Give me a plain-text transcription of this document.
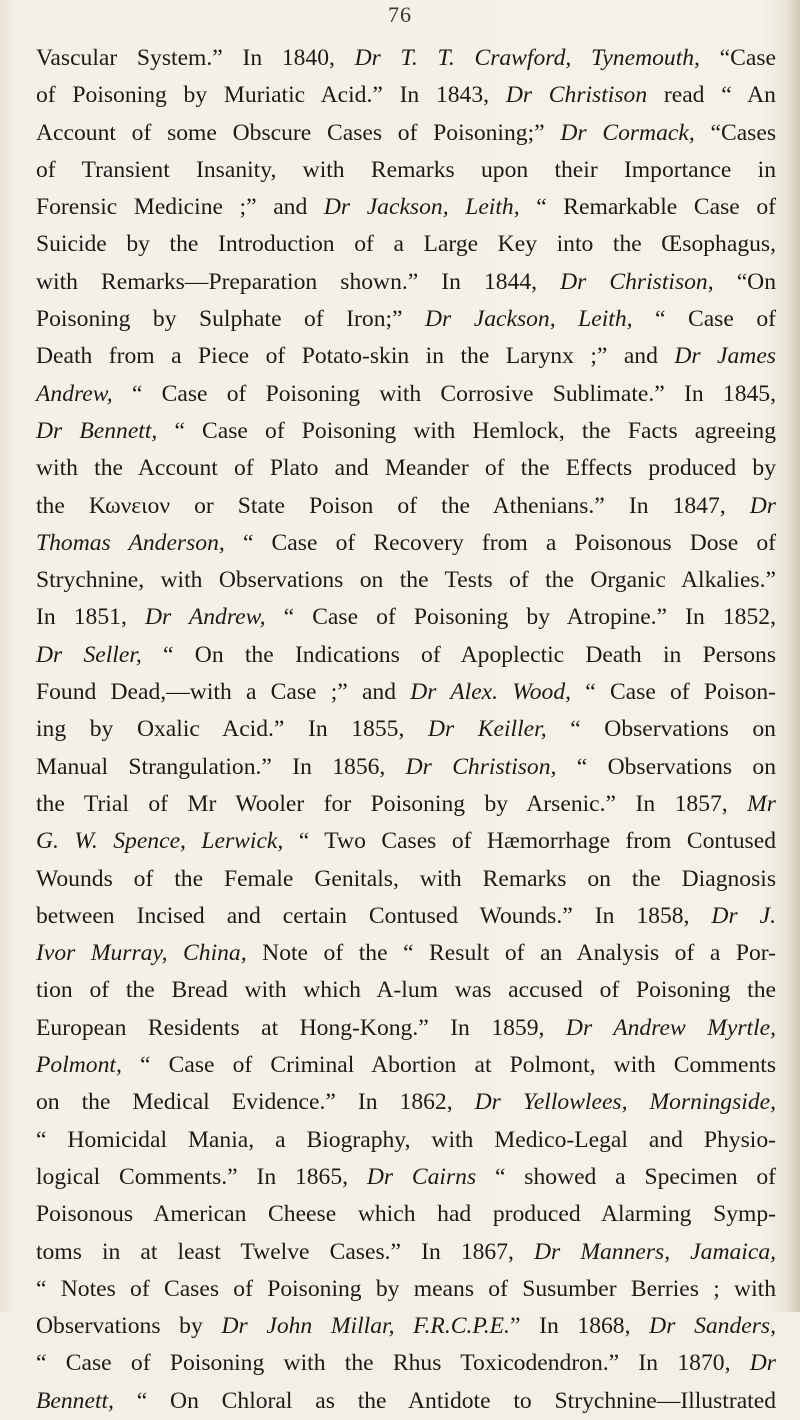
76
Vascular System.” In 1840, Dr T. T. Crawford, Tynemouth, “Case
of Poisoning by Muriatic Acid.” In 1843, Dr Christison read “ An
Account of some Obscure Cases of Poisoning;” Dr Cormack, “Cases
of Transient Insanity, with Remarks upon their Importance in
Forensic Medicine ;” and Dr Jackson, Leith, “ Remarkable Case of
Suicide by the Introduction of a Large Key into the Œsophagus,
with Remarks—Preparation shown.” In 1844, Dr Christison, “On
Poisoning by Sulphate of Iron;” Dr Jackson, Leith, “ Case of
Death from a Piece of Potato-skin in the Larynx ;” and Dr James
Andrew, “ Case of Poisoning with Corrosive Sublimate.” In 1845,
Dr Bennett, “ Case of Poisoning with Hemlock, the Facts agreeing
with the Account of Plato and Meander of the Effects produced by
the Κωνειον or State Poison of the Athenians.” In 1847, Dr
Thomas Anderson, “ Case of Recovery from a Poisonous Dose of
Strychnine, with Observations on the Tests of the Organic Alkalies.”
In 1851, Dr Andrew, “ Case of Poisoning by Atropine.” In 1852,
Dr Seller, “ On the Indications of Apoplectic Death in Persons
Found Dead,—with a Case ;” and Dr Alex. Wood, “ Case of Poison-
ing by Oxalic Acid.” In 1855, Dr Keiller, “ Observations on
Manual Strangulation.” In 1856, Dr Christison, “ Observations on
the Trial of Mr Wooler for Poisoning by Arsenic.” In 1857, Mr
G. W. Spence, Lerwick, “ Two Cases of Hæmorrhage from Contused
Wounds of the Female Genitals, with Remarks on the Diagnosis
between Incised and certain Contused Wounds.” In 1858, Dr J.
Ivor Murray, China, Note of the “ Result of an Analysis of a Por-
tion of the Bread with which A-lum was accused of Poisoning the
European Residents at Hong-Kong.” In 1859, Dr Andrew Myrtle,
Polmont, “ Case of Criminal Abortion at Polmont, with Comments
on the Medical Evidence.” In 1862, Dr Yellowlees, Morningside,
“ Homicidal Mania, a Biography, with Medico-Legal and Physio-
logical Comments.” In 1865, Dr Cairns “ showed a Specimen of
Poisonous American Cheese which had produced Alarming Symp-
toms in at least Twelve Cases.” In 1867, Dr Manners, Jamaica,
“ Notes of Cases of Poisoning by means of Susumber Berries ; with
Observations by Dr John Millar, F.R.C.P.E.” In 1868, Dr Sanders,
“ Case of Poisoning with the Rhus Toxicodendron.” In 1870, Dr
Bennett, “ On Chloral as the Antidote to Strychnine—Illustrated
